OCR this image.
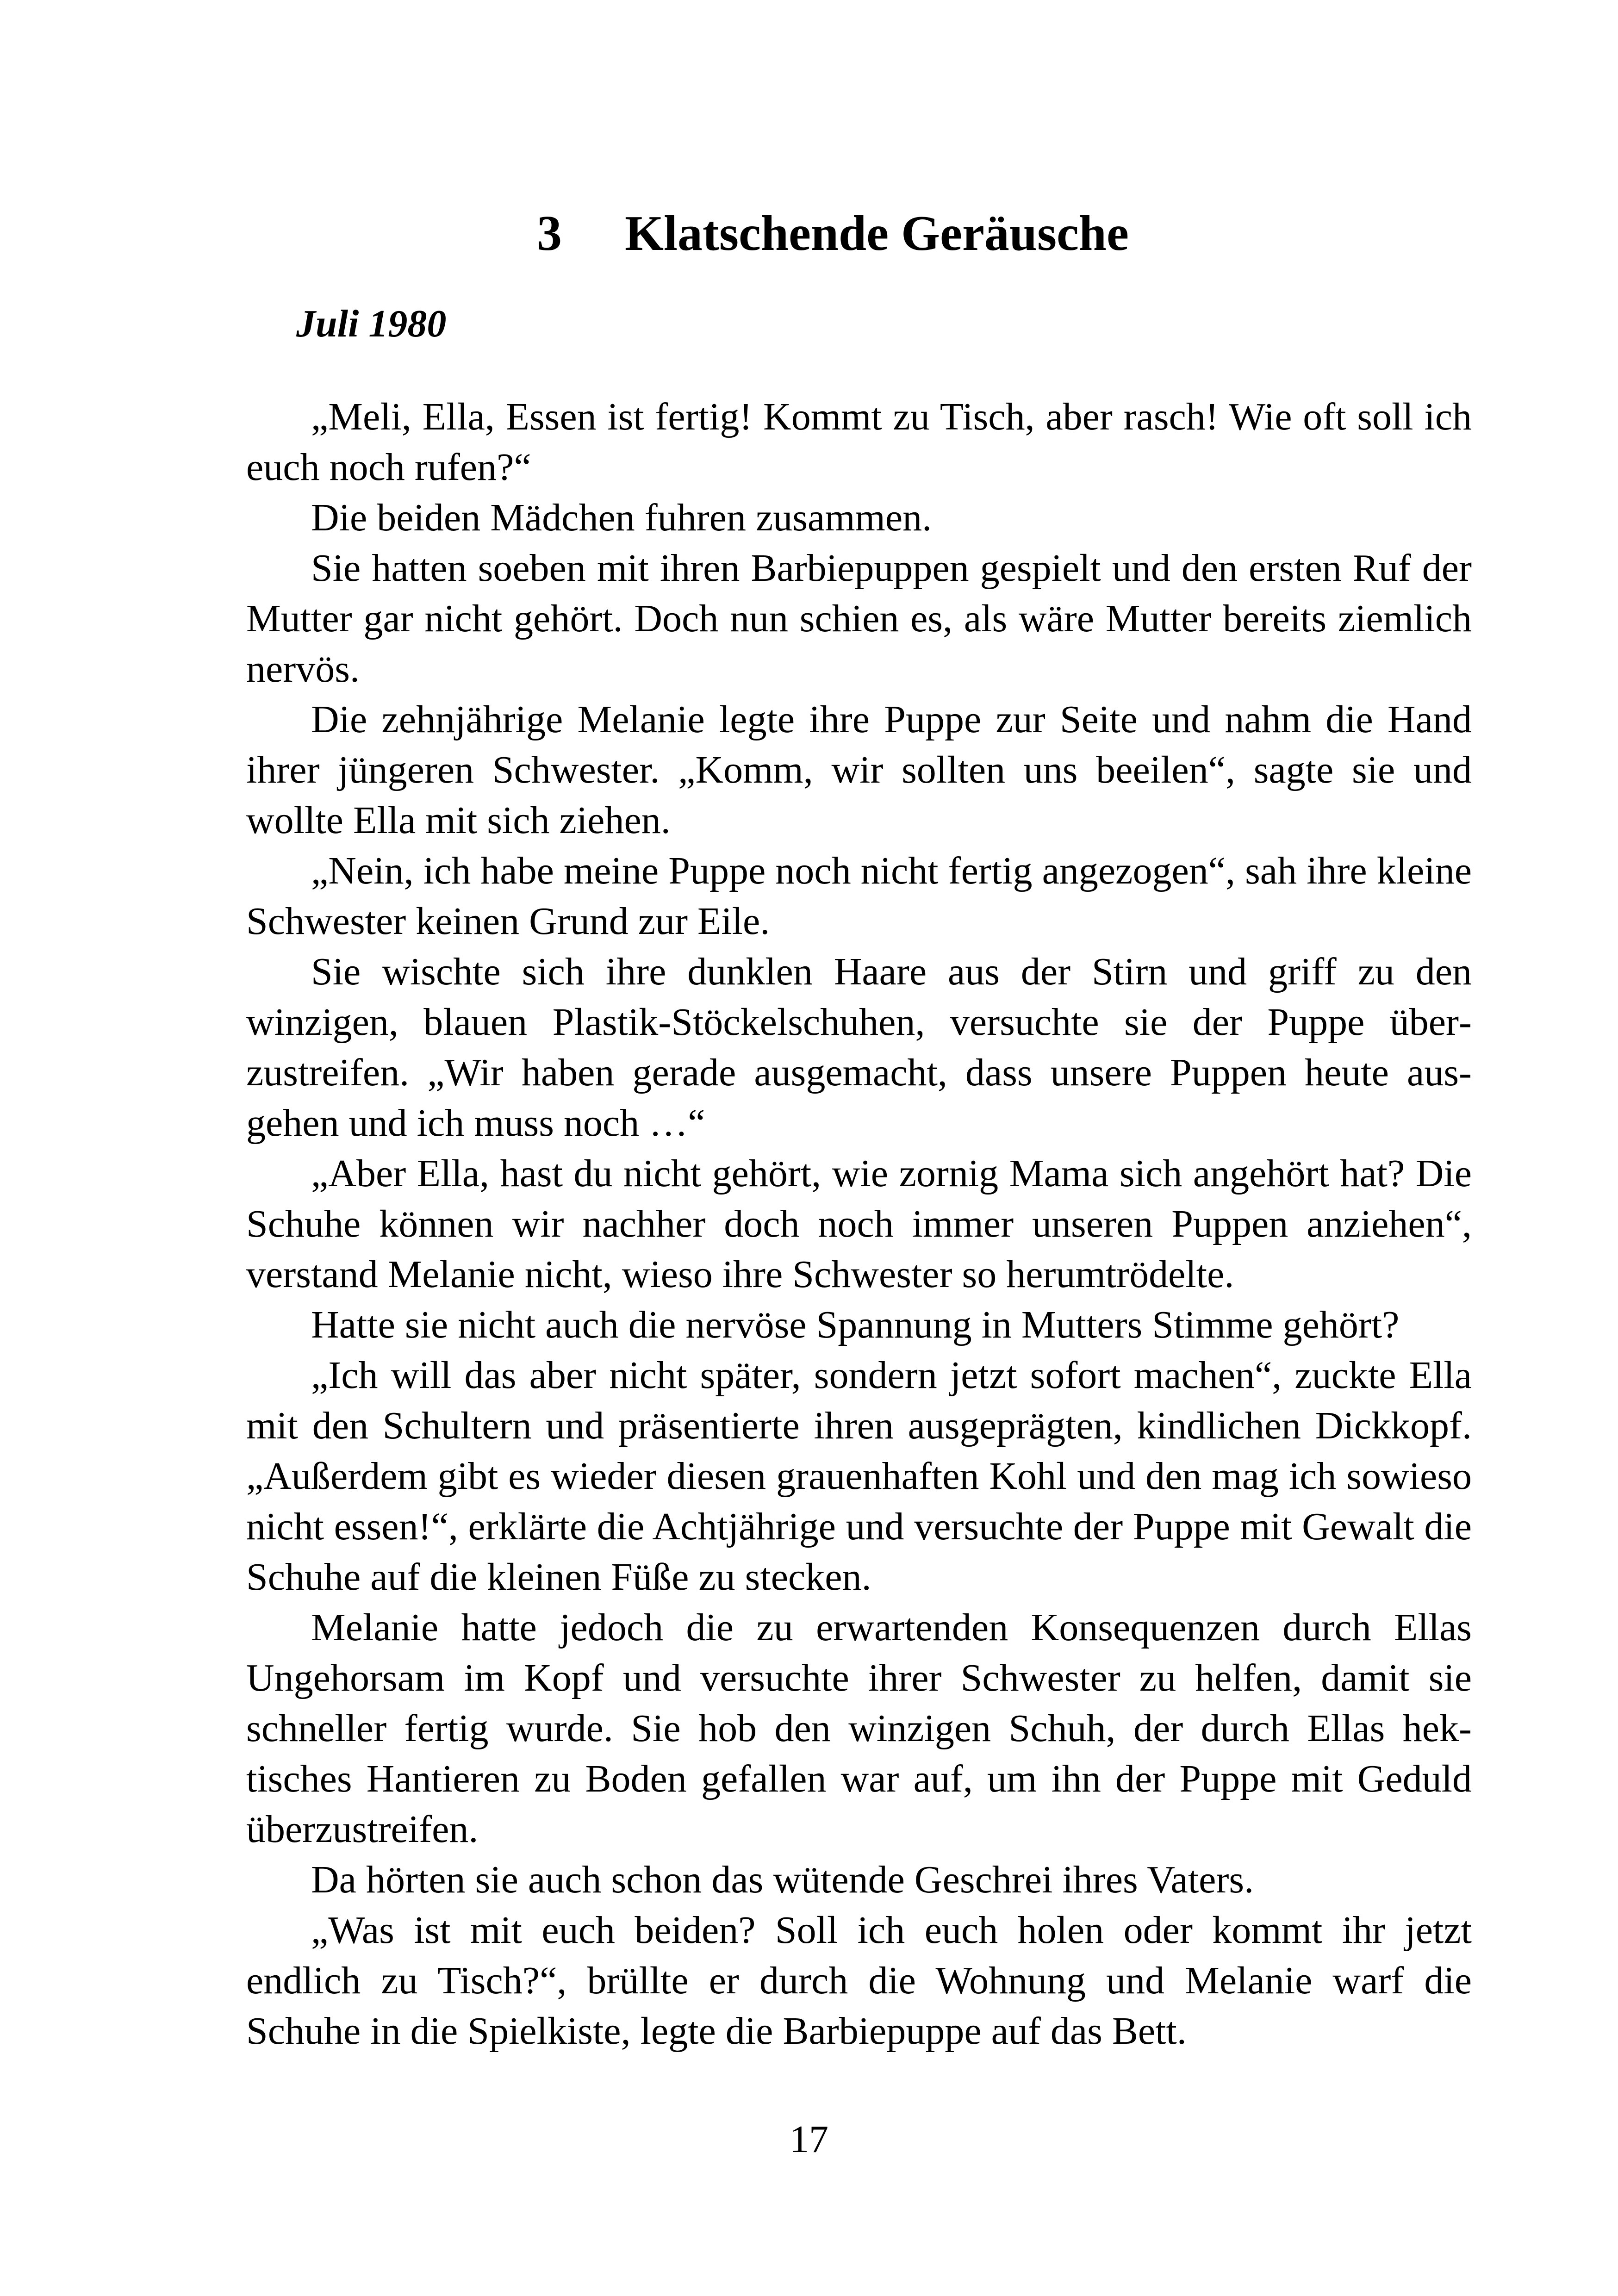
3 Klatschende Geräusche
Juli 1980

„Meli, Ella, Essen ist fertig! Kommt zu Tisch, aber rasch! Wie oft soll ich euch noch rufen?“

Die beiden Mädchen fuhren zusammen.

Sie hatten soeben mit ihren Barbiepuppen gespielt und den ersten Ruf der Mutter gar nicht gehört. Doch nun schien es, als wäre Mutter bereits ziemlich nervös.

Die zehnjährige Melanie legte ihre Puppe zur Seite und nahm die Hand ihrer jüngeren Schwester. „Komm, wir sollten uns beeilen“, sagte sie und wollte Ella mit sich ziehen.

„Nein, ich habe meine Puppe noch nicht fertig angezogen“, sah ihre kleine Schwester keinen Grund zur Eile.

Sie wischte sich ihre dunklen Haare aus der Stirn und griff zu den winzigen, blauen Plastik-Stöckelschuhen, versuchte sie der Puppe überzustreifen. „Wir haben gerade ausgemacht, dass unsere Puppen heute ausgehen und ich muss noch …“

„Aber Ella, hast du nicht gehört, wie zornig Mama sich angehört hat? Die Schuhe können wir nachher doch noch immer unseren Puppen anziehen“, verstand Melanie nicht, wieso ihre Schwester so herumtrödelte.

Hatte sie nicht auch die nervöse Spannung in Mutters Stimme gehört?

„Ich will das aber nicht später, sondern jetzt sofort machen“, zuckte Ella mit den Schultern und präsentierte ihren ausgeprägten, kindlichen Dickkopf. „Außerdem gibt es wieder diesen grauenhaften Kohl und den mag ich sowieso nicht essen!“, erklärte die Achtjährige und versuchte der Puppe mit Gewalt die Schuhe auf die kleinen Füße zu stecken.

Melanie hatte jedoch die zu erwartenden Konsequenzen durch Ellas Ungehorsam im Kopf und versuchte ihrer Schwester zu helfen, damit sie schneller fertig wurde. Sie hob den winzigen Schuh, der durch Ellas hektisches Hantieren zu Boden gefallen war auf, um ihn der Puppe mit Geduld überzustreifen.

Da hörten sie auch schon das wütende Geschrei ihres Vaters.

„Was ist mit euch beiden? Soll ich euch holen oder kommt ihr jetzt endlich zu Tisch?“, brüllte er durch die Wohnung und Melanie warf die Schuhe in die Spielkiste, legte die Barbiepuppe auf das Bett.

17
